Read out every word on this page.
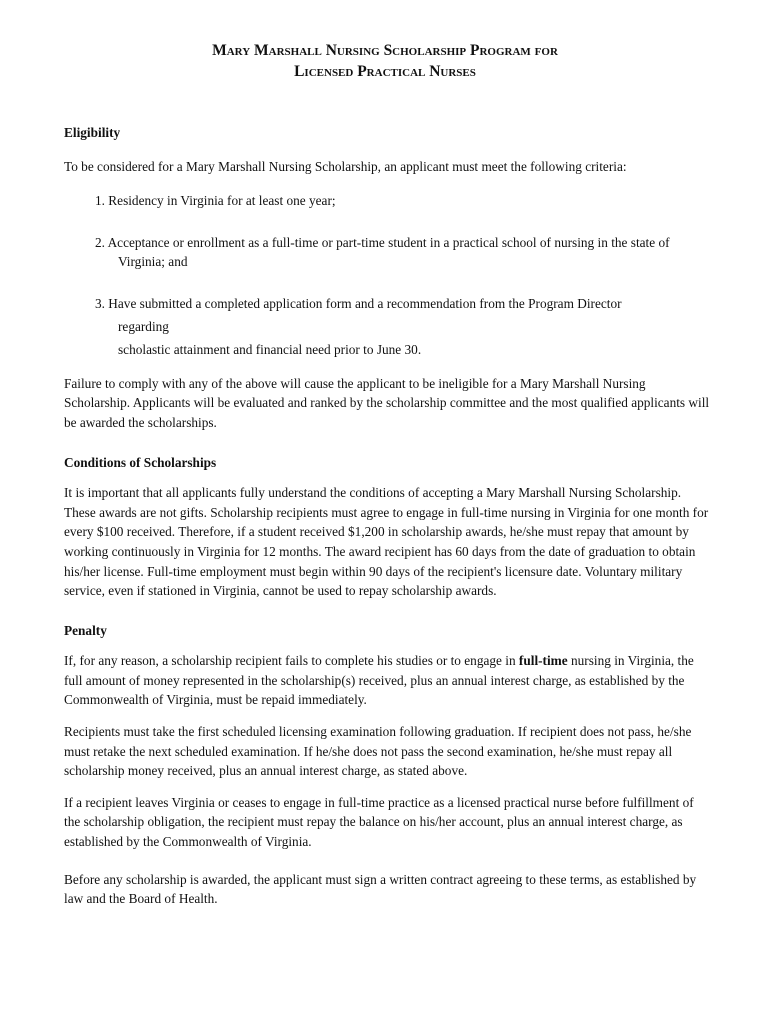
Mary Marshall Nursing Scholarship Program for
Licensed Practical Nurses
Eligibility

To be considered for a Mary Marshall Nursing Scholarship, an applicant must meet the following criteria:

1. Residency in Virginia for at least one year;
2. Acceptance or enrollment as a full-time or part-time student in a practical school of nursing in the state of
Virginia; and
3. Have submitted a completed application form and a recommendation from the Program Director
regarding
scholastic attainment and financial need prior to June 30.

Failure to comply with any of the above will cause the applicant to be ineligible for a Mary Marshall Nursing Scholarship. Applicants will be evaluated and ranked by the scholarship committee and the most qualified applicants will be awarded the scholarships.

Conditions of Scholarships

It is important that all applicants fully understand the conditions of accepting a Mary Marshall Nursing Scholarship. These awards are not gifts. Scholarship recipients must agree to engage in full-time nursing in Virginia for one month for every $100 received. Therefore, if a student received $1,200 in scholarship awards, he/she must repay that amount by working continuously in Virginia for 12 months. The award recipient has 60 days from the date of graduation to obtain his/her license. Full-time employment must begin within 90 days of the recipient's licensure date. Voluntary military service, even if stationed in Virginia, cannot be used to repay scholarship awards.

Penalty

If, for any reason, a scholarship recipient fails to complete his studies or to engage in full-time nursing in Virginia, the full amount of money represented in the scholarship(s) received, plus an annual interest charge, as established by the Commonwealth of Virginia, must be repaid immediately.

Recipients must take the first scheduled licensing examination following graduation. If recipient does not pass, he/she must retake the next scheduled examination. If he/she does not pass the second examination, he/she must repay all scholarship money received, plus an annual interest charge, as stated above.

If a recipient leaves Virginia or ceases to engage in full-time practice as a licensed practical nurse before fulfillment of the scholarship obligation, the recipient must repay the balance on his/her account, plus an annual interest charge, as established by the Commonwealth of Virginia.

Before any scholarship is awarded, the applicant must sign a written contract agreeing to these terms, as established by law and the Board of Health.
